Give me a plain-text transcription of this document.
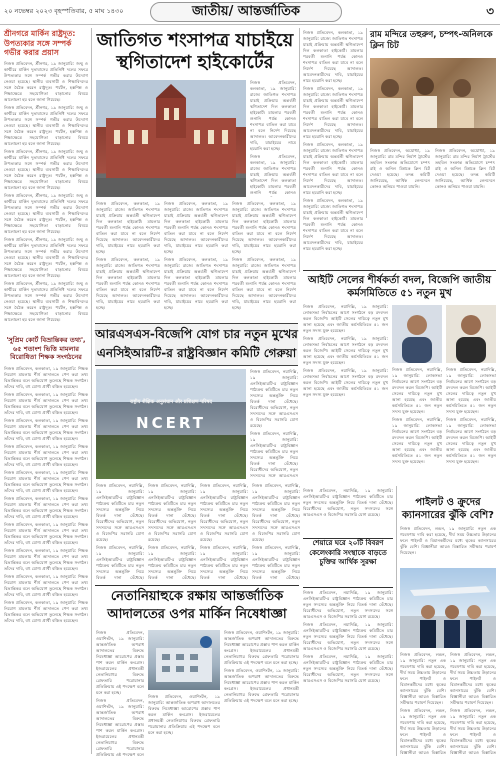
২০ নভেম্বর ২০২৩ বৃহস্পতিবার, ৫ মাঘ ১৪৩০	জাতীয়/ আন্তর্জাতিক	৩
শ্রীনগরে মার্কিন রাষ্ট্রদূত: উপত্যকার সঙ্গে সম্পর্ক গভীর করার প্রয়াস

নিজস্ব প্রতিবেদন, শ্রীনগর, ১৯ জানুয়ারি: জম্মু ও কাশ্মীরে মার্কিন দূতাবাসের প্রতিনিধি দলের সফরে উপত্যকার সঙ্গে সম্পর্ক গভীর করার উদ্যোগ নেওয়া হয়েছে। স্থানীয় ব্যবসায়ী ও শিক্ষাবিদদের সঙ্গে বৈঠক করেন রাষ্ট্রদূত। পর্যটন, হস্তশিল্প ও শিক্ষাক্ষেত্রে সহযোগিতা বাড়ানোর বিষয়ে আলোচনা হয় বলে জানা গিয়েছে।

নিজস্ব প্রতিবেদন, শ্রীনগর, ১৯ জানুয়ারি: জম্মু ও কাশ্মীরে মার্কিন দূতাবাসের প্রতিনিধি দলের সফরে উপত্যকার সঙ্গে সম্পর্ক গভীর করার উদ্যোগ নেওয়া হয়েছে। স্থানীয় ব্যবসায়ী ও শিক্ষাবিদদের সঙ্গে বৈঠক করেন রাষ্ট্রদূত। পর্যটন, হস্তশিল্প ও শিক্ষাক্ষেত্রে সহযোগিতা বাড়ানোর বিষয়ে আলোচনা হয় বলে জানা গিয়েছে।

নিজস্ব প্রতিবেদন, শ্রীনগর, ১৯ জানুয়ারি: জম্মু ও কাশ্মীরে মার্কিন দূতাবাসের প্রতিনিধি দলের সফরে উপত্যকার সঙ্গে সম্পর্ক গভীর করার উদ্যোগ নেওয়া হয়েছে। স্থানীয় ব্যবসায়ী ও শিক্ষাবিদদের সঙ্গে বৈঠক করেন রাষ্ট্রদূত। পর্যটন, হস্তশিল্প ও শিক্ষাক্ষেত্রে সহযোগিতা বাড়ানোর বিষয়ে আলোচনা হয় বলে জানা গিয়েছে।

নিজস্ব প্রতিবেদন, শ্রীনগর, ১৯ জানুয়ারি: জম্মু ও কাশ্মীরে মার্কিন দূতাবাসের প্রতিনিধি দলের সফরে উপত্যকার সঙ্গে সম্পর্ক গভীর করার উদ্যোগ নেওয়া হয়েছে। স্থানীয় ব্যবসায়ী ও শিক্ষাবিদদের সঙ্গে বৈঠক করেন রাষ্ট্রদূত। পর্যটন, হস্তশিল্প ও শিক্ষাক্ষেত্রে সহযোগিতা বাড়ানোর বিষয়ে আলোচনা হয় বলে জানা গিয়েছে।

নিজস্ব প্রতিবেদন, শ্রীনগর, ১৯ জানুয়ারি: জম্মু ও কাশ্মীরে মার্কিন দূতাবাসের প্রতিনিধি দলের সফরে উপত্যকার সঙ্গে সম্পর্ক গভীর করার উদ্যোগ নেওয়া হয়েছে। স্থানীয় ব্যবসায়ী ও শিক্ষাবিদদের সঙ্গে বৈঠক করেন রাষ্ট্রদূত। পর্যটন, হস্তশিল্প ও শিক্ষাক্ষেত্রে সহযোগিতা বাড়ানোর বিষয়ে আলোচনা হয় বলে জানা গিয়েছে।

নিজস্ব প্রতিবেদন, শ্রীনগর, ১৯ জানুয়ারি: জম্মু ও কাশ্মীরে মার্কিন দূতাবাসের প্রতিনিধি দলের সফরে উপত্যকার সঙ্গে সম্পর্ক গভীর করার উদ্যোগ নেওয়া হয়েছে। স্থানীয় ব্যবসায়ী ও শিক্ষাবিদদের সঙ্গে বৈঠক করেন রাষ্ট্রদূত। পর্যটন, হস্তশিল্প ও শিক্ষাক্ষেত্রে সহযোগিতা বাড়ানোর বিষয়ে আলোচনা হয় বলে জানা গিয়েছে।

'সুপ্রিম কোর্ট বিভ্রান্তিকর তথ্য', ৬৫ শতাংশ ভিত্তি মামলার বিরোধিতা শিক্ষক সংগঠনের

নিজস্ব প্রতিবেদন, কলকাতা, ১৯ জানুয়ারি: শিক্ষক নিয়োগ মামলায় শীর্ষ আদালতে পেশ করা তথ্য বিভ্রান্তিকর বলে অভিযোগ তুলেছে শিক্ষক সংগঠন। তাঁদের দাবি, বহু যোগ্য প্রার্থী বঞ্চিত হয়েছেন।

নিজস্ব প্রতিবেদন, কলকাতা, ১৯ জানুয়ারি: শিক্ষক নিয়োগ মামলায় শীর্ষ আদালতে পেশ করা তথ্য বিভ্রান্তিকর বলে অভিযোগ তুলেছে শিক্ষক সংগঠন। তাঁদের দাবি, বহু যোগ্য প্রার্থী বঞ্চিত হয়েছেন।

নিজস্ব প্রতিবেদন, কলকাতা, ১৯ জানুয়ারি: শিক্ষক নিয়োগ মামলায় শীর্ষ আদালতে পেশ করা তথ্য বিভ্রান্তিকর বলে অভিযোগ তুলেছে শিক্ষক সংগঠন। তাঁদের দাবি, বহু যোগ্য প্রার্থী বঞ্চিত হয়েছেন।

নিজস্ব প্রতিবেদন, কলকাতা, ১৯ জানুয়ারি: শিক্ষক নিয়োগ মামলায় শীর্ষ আদালতে পেশ করা তথ্য বিভ্রান্তিকর বলে অভিযোগ তুলেছে শিক্ষক সংগঠন। তাঁদের দাবি, বহু যোগ্য প্রার্থী বঞ্চিত হয়েছেন।

নিজস্ব প্রতিবেদন, কলকাতা, ১৯ জানুয়ারি: শিক্ষক নিয়োগ মামলায় শীর্ষ আদালতে পেশ করা তথ্য বিভ্রান্তিকর বলে অভিযোগ তুলেছে শিক্ষক সংগঠন। তাঁদের দাবি, বহু যোগ্য প্রার্থী বঞ্চিত হয়েছেন।

নিজস্ব প্রতিবেদন, কলকাতা, ১৯ জানুয়ারি: শিক্ষক নিয়োগ মামলায় শীর্ষ আদালতে পেশ করা তথ্য বিভ্রান্তিকর বলে অভিযোগ তুলেছে শিক্ষক সংগঠন। তাঁদের দাবি, বহু যোগ্য প্রার্থী বঞ্চিত হয়েছেন।

নিজস্ব প্রতিবেদন, কলকাতা, ১৯ জানুয়ারি: শিক্ষক নিয়োগ মামলায় শীর্ষ আদালতে পেশ করা তথ্য বিভ্রান্তিকর বলে অভিযোগ তুলেছে শিক্ষক সংগঠন। তাঁদের দাবি, বহু যোগ্য প্রার্থী বঞ্চিত হয়েছেন।

নিজস্ব প্রতিবেদন, কলকাতা, ১৯ জানুয়ারি: শিক্ষক নিয়োগ মামলায় শীর্ষ আদালতে পেশ করা তথ্য বিভ্রান্তিকর বলে অভিযোগ তুলেছে শিক্ষক সংগঠন। তাঁদের দাবি, বহু যোগ্য প্রার্থী বঞ্চিত হয়েছেন।

নিজস্ব প্রতিবেদন, কলকাতা, ১৯ জানুয়ারি: শিক্ষক নিয়োগ মামলায় শীর্ষ আদালতে পেশ করা তথ্য বিভ্রান্তিকর বলে অভিযোগ তুলেছে শিক্ষক সংগঠন। তাঁদের দাবি, বহু যোগ্য প্রার্থী বঞ্চিত হয়েছেন।

নিজস্ব প্রতিবেদন, কলকাতা, ১৯ জানুয়ারি: শিক্ষক নিয়োগ মামলায় শীর্ষ আদালতে পেশ করা তথ্য বিভ্রান্তিকর বলে অভিযোগ তুলেছে শিক্ষক সংগঠন। তাঁদের দাবি, বহু যোগ্য প্রার্থী বঞ্চিত হয়েছেন।

জাতিগত শংসাপত্র যাচাইয়ে স্থগিতাদেশ হাইকোর্টের

নিজস্ব প্রতিবেদন, কলকাতা, ১৯ জানুয়ারি: রাজ্যে জাতিগত শংসাপত্র যাচাই প্রক্রিয়ায় অন্তর্বর্তী স্থগিতাদেশ দিল কলকাতা হাইকোর্ট। মামলার পরবর্তী শুনানি পর্যন্ত কোনও শংসাপত্র বাতিল করা যাবে না বলে নির্দেশ দিয়েছে আদালত। আবেদনকারীদের দাবি, যাচাইয়ের নামে হয়রানি করা হচ্ছে।

নিজস্ব প্রতিবেদন, কলকাতা, ১৯ জানুয়ারি: রাজ্যে জাতিগত শংসাপত্র যাচাই প্রক্রিয়ায় অন্তর্বর্তী স্থগিতাদেশ দিল কলকাতা হাইকোর্ট। মামলার পরবর্তী শুনানি পর্যন্ত কোনও

নিজস্ব প্রতিবেদন, কলকাতা, ১৯ জানুয়ারি: রাজ্যে জাতিগত শংসাপত্র যাচাই প্রক্রিয়ায় অন্তর্বর্তী স্থগিতাদেশ দিল কলকাতা হাইকোর্ট। মামলার পরবর্তী শুনানি পর্যন্ত কোনও শংসাপত্র বাতিল করা যাবে না বলে নির্দেশ দিয়েছে আদালত। আবেদনকারীদের দাবি, যাচাইয়ের নামে হয়রানি করা হচ্ছে।

নিজস্ব প্রতিবেদন, কলকাতা, ১৯ জানুয়ারি: রাজ্যে জাতিগত শংসাপত্র যাচাই প্রক্রিয়ায় অন্তর্বর্তী স্থগিতাদেশ দিল কলকাতা হাইকোর্ট। মামলার পরবর্তী শুনানি পর্যন্ত কোনও শংসাপত্র বাতিল করা যাবে না বলে নির্দেশ দিয়েছে আদালত। আবেদনকারীদের দাবি, যাচাইয়ের নামে হয়রানি করা হচ্ছে।

নিজস্ব প্রতিবেদন, কলকাতা, ১৯ জানুয়ারি: রাজ্যে জাতিগত শংসাপত্র যাচাই প্রক্রিয়ায় অন্তর্বর্তী স্থগিতাদেশ দিল কলকাতা হাইকোর্ট। মামলার পরবর্তী শুনানি পর্যন্ত কোনও শংসাপত্র বাতিল করা যাবে না বলে নির্দেশ দিয়েছে আদালত। আবেদনকারীদের দাবি, যাচাইয়ের নামে হয়রানি করা হচ্ছে।

নিজস্ব প্রতিবেদন, কলকাতা, ১৯ জানুয়ারি: রাজ্যে জাতিগত শংসাপত্র যাচাই প্রক্রিয়ায় অন্তর্বর্তী স্থগিতাদেশ দিল কলকাতা হাইকোর্ট। মামলার পরবর্তী শুনানি পর্যন্ত কোনও শংসাপত্র বাতিল করা যাবে না বলে নির্দেশ দিয়েছে আদালত। আবেদনকারীদের দাবি, যাচাইয়ের নামে হয়রানি করা হচ্ছে।

নিজস্ব প্রতিবেদন, কলকাতা, ১৯ জানুয়ারি: রাজ্যে জাতিগত শংসাপত্র যাচাই প্রক্রিয়ায় অন্তর্বর্তী স্থগিতাদেশ দিল কলকাতা হাইকোর্ট। মামলার পরবর্তী শুনানি পর্যন্ত কোনও শংসাপত্র বাতিল করা যাবে না বলে নির্দেশ দিয়েছে আদালত। আবেদনকারীদের দাবি, যাচাইয়ের নামে হয়রানি করা হচ্ছে।

নিজস্ব প্রতিবেদন, কলকাতা, ১৯ জানুয়ারি: রাজ্যে জাতিগত শংসাপত্র যাচাই প্রক্রিয়ায় অন্তর্বর্তী স্থগিতাদেশ দিল কলকাতা হাইকোর্ট। মামলার পরবর্তী শুনানি পর্যন্ত কোনও শংসাপত্র বাতিল করা যাবে না বলে নির্দেশ দিয়েছে আদালত। আবেদনকারীদের দাবি, যাচাইয়ের নামে হয়রানি করা হচ্ছে।

নিজস্ব প্রতিবেদন, কলকাতা, ১৯ জানুয়ারি: রাজ্যে জাতিগত শংসাপত্র যাচাই প্রক্রিয়ায় অন্তর্বর্তী স্থগিতাদেশ দিল কলকাতা হাইকোর্ট। মামলার পরবর্তী শুনানি পর্যন্ত কোনও শংসাপত্র বাতিল করা যাবে না বলে নির্দেশ দিয়েছে আদালত। আবেদনকারীদের দাবি, যাচাইয়ের নামে হয়রানি করা হচ্ছে।

নিজস্ব প্রতিবেদন, কলকাতা, ১৯ জানুয়ারি: রাজ্যে জাতিগত শংসাপত্র যাচাই প্রক্রিয়ায় অন্তর্বর্তী স্থগিতাদেশ দিল কলকাতা হাইকোর্ট। মামলার পরবর্তী শুনানি পর্যন্ত কোনও শংসাপত্র বাতিল করা যাবে না বলে নির্দেশ দিয়েছে আদালত। আবেদনকারীদের দাবি, যাচাইয়ের নামে হয়রানি করা হচ্ছে।

নিজস্ব প্রতিবেদন, কলকাতা, ১৯ জানুয়ারি: রাজ্যে জাতিগত শংসাপত্র যাচাই প্রক্রিয়ায় অন্তর্বর্তী স্থগিতাদেশ দিল কলকাতা হাইকোর্ট। মামলার পরবর্তী শুনানি পর্যন্ত কোনও শংসাপত্র বাতিল করা যাবে না বলে নির্দেশ দিয়েছে আদালত। আবেদনকারীদের দাবি, যাচাইয়ের নামে হয়রানি করা হচ্ছে।

নিজস্ব প্রতিবেদন, কলকাতা, ১৯ জানুয়ারি: রাজ্যে জাতিগত শংসাপত্র যাচাই প্রক্রিয়ায় অন্তর্বর্তী স্থগিতাদেশ দিল কলকাতা হাইকোর্ট। মামলার পরবর্তী শুনানি পর্যন্ত কোনও শংসাপত্র বাতিল করা যাবে না বলে নির্দেশ দিয়েছে আদালত। আবেদনকারীদের দাবি, যাচাইয়ের নামে হয়রানি করা হচ্ছে।

রাম মন্দিরে তহুরুণ, চম্পৎ-অনিলকে ক্লিন চিট

নিজস্ব প্রতিবেদন, অযোধ্যা, ১৯ জানুয়ারি: রাম মন্দির নির্মাণ ট্রাস্টের তহবিল সংক্রান্ত অভিযোগে চম্পৎ রাই ও অনিল মিশ্রকে ক্লিন চিট দেওয়া হয়েছে। তদন্ত কমিটি জানিয়েছে, আর্থিক লেনদেনে কোনও অনিয়ম পাওয়া যায়নি।

নিজস্ব প্রতিবেদন, অযোধ্যা, ১৯ জানুয়ারি: রাম মন্দির নির্মাণ ট্রাস্টের তহবিল সংক্রান্ত অভিযোগে চম্পৎ রাই ও অনিল মিশ্রকে ক্লিন চিট দেওয়া হয়েছে। তদন্ত কমিটি জানিয়েছে, আর্থিক লেনদেনে কোনও অনিয়ম পাওয়া যায়নি।

আইটি সেলের শীর্ষকর্তা বদল, বিজেপি জাতীয় কর্মসমিতিতে ৫১ নতুন মুখ

নিজস্ব প্রতিবেদন, নয়াদিল্লি, ১৯ জানুয়ারি: লোকসভা নির্বাচনের আগে সংগঠনে বড় রদবদল করল বিজেপি। আইটি সেলের দায়িত্বে নতুন মুখ আনা হয়েছে এবং জাতীয় কর্মসমিতিতে ৫১ জন নতুন সদস্য যুক্ত হয়েছেন।

নিজস্ব প্রতিবেদন, নয়াদিল্লি, ১৯ জানুয়ারি: লোকসভা নির্বাচনের আগে সংগঠনে বড় রদবদল করল বিজেপি। আইটি সেলের দায়িত্বে নতুন মুখ আনা হয়েছে এবং জাতীয় কর্মসমিতিতে ৫১ জন নতুন সদস্য যুক্ত হয়েছেন।

নিজস্ব প্রতিবেদন, নয়াদিল্লি, ১৯ জানুয়ারি: লোকসভা নির্বাচনের আগে সংগঠনে বড় রদবদল করল বিজেপি। আইটি সেলের দায়িত্বে নতুন মুখ আনা হয়েছে এবং জাতীয় কর্মসমিতিতে ৫১ জন নতুন সদস্য যুক্ত হয়েছেন।

নিজস্ব প্রতিবেদন, নয়াদিল্লি, ১৯ জানুয়ারি: লোকসভা নির্বাচনের আগে সংগঠনে বড় রদবদল করল বিজেপি। আইটি সেলের দায়িত্বে নতুন মুখ আনা হয়েছে এবং জাতীয় কর্মসমিতিতে ৫১ জন নতুন সদস্য যুক্ত হয়েছেন।

নিজস্ব প্রতিবেদন, নয়াদিল্লি, ১৯ জানুয়ারি: লোকসভা নির্বাচনের আগে সংগঠনে বড় রদবদল করল বিজেপি। আইটি সেলের দায়িত্বে নতুন মুখ আনা হয়েছে এবং জাতীয় কর্মসমিতিতে ৫১ জন নতুন সদস্য যুক্ত হয়েছেন।

নিজস্ব প্রতিবেদন, নয়াদিল্লি, ১৯ জানুয়ারি: লোকসভা নির্বাচনের আগে সংগঠনে বড় রদবদল করল বিজেপি। আইটি সেলের দায়িত্বে নতুন মুখ আনা হয়েছে এবং জাতীয় কর্মসমিতিতে ৫১ জন নতুন সদস্য যুক্ত হয়েছেন।

নিজস্ব প্রতিবেদন, নয়াদিল্লি, ১৯ জানুয়ারি: লোকসভা নির্বাচনের আগে সংগঠনে বড় রদবদল করল বিজেপি। আইটি সেলের দায়িত্বে নতুন মুখ আনা হয়েছে এবং জাতীয় কর্মসমিতিতে ৫১ জন নতুন সদস্য যুক্ত হয়েছেন।

আরএসএস-বিজেপি যোগ চার নতুন মুখের এনসিইআরটি-র রাষ্ট্রবিজ্ঞান কমিটি গেরুয়া
राष्ट्रीय शैक्षिक अनुसंधान और प्रशिक्षण परिषद
NCERT

নিজস্ব প্রতিবেদন, নয়াদিল্লি, ১৯ জানুয়ারি: এনসিইআরটি-র রাষ্ট্রবিজ্ঞান পাঠ্যক্রম কমিটিতে চার নতুন সদস্যের অন্তর্ভুক্তি নিয়ে বিতর্ক দানা বেঁধেছে। বিরোধীদের অভিযোগ, নতুন সদস্যদের সঙ্গে আরএসএস ও বিজেপির সরাসরি যোগ রয়েছে।

নিজস্ব প্রতিবেদন, নয়াদিল্লি, ১৯ জানুয়ারি: এনসিইআরটি-র রাষ্ট্রবিজ্ঞান পাঠ্যক্রম কমিটিতে চার নতুন সদস্যের অন্তর্ভুক্তি নিয়ে বিতর্ক দানা বেঁধেছে। বিরোধীদের অভিযোগ, নতুন সদস্যদের সঙ্গে আরএসএস

নিজস্ব প্রতিবেদন, নয়াদিল্লি, ১৯ জানুয়ারি: এনসিইআরটি-র রাষ্ট্রবিজ্ঞান পাঠ্যক্রম কমিটিতে চার নতুন সদস্যের অন্তর্ভুক্তি নিয়ে বিতর্ক দানা বেঁধেছে। বিরোধীদের অভিযোগ, নতুন সদস্যদের সঙ্গে আরএসএস ও বিজেপির সরাসরি যোগ রয়েছে।

নিজস্ব প্রতিবেদন, নয়াদিল্লি, ১৯ জানুয়ারি: এনসিইআরটি-র রাষ্ট্রবিজ্ঞান পাঠ্যক্রম কমিটিতে চার নতুন সদস্যের অন্তর্ভুক্তি নিয়ে বিতর্ক দানা বেঁধেছে।

নিজস্ব প্রতিবেদন, নয়াদিল্লি, ১৯ জানুয়ারি: এনসিইআরটি-র রাষ্ট্রবিজ্ঞান পাঠ্যক্রম কমিটিতে চার নতুন সদস্যের অন্তর্ভুক্তি নিয়ে বিতর্ক দানা বেঁধেছে। বিরোধীদের অভিযোগ, নতুন সদস্যদের সঙ্গে আরএসএস ও বিজেপির সরাসরি যোগ রয়েছে।

নিজস্ব প্রতিবেদন, নয়াদিল্লি, ১৯ জানুয়ারি: এনসিইআরটি-র রাষ্ট্রবিজ্ঞান পাঠ্যক্রম কমিটিতে চার নতুন সদস্যের অন্তর্ভুক্তি নিয়ে বিতর্ক দানা বেঁধেছে।

নিজস্ব প্রতিবেদন, নয়াদিল্লি, ১৯ জানুয়ারি: এনসিইআরটি-র রাষ্ট্রবিজ্ঞান পাঠ্যক্রম কমিটিতে চার নতুন সদস্যের অন্তর্ভুক্তি নিয়ে বিতর্ক দানা বেঁধেছে। বিরোধীদের অভিযোগ, নতুন সদস্যদের সঙ্গে আরএসএস ও বিজেপির সরাসরি যোগ রয়েছে।

নিজস্ব প্রতিবেদন, নয়াদিল্লি, ১৯ জানুয়ারি: এনসিইআরটি-র রাষ্ট্রবিজ্ঞান পাঠ্যক্রম কমিটিতে চার নতুন সদস্যের অন্তর্ভুক্তি নিয়ে বিতর্ক দানা বেঁধেছে।

নিজস্ব প্রতিবেদন, নয়াদিল্লি, ১৯ জানুয়ারি: এনসিইআরটি-র রাষ্ট্রবিজ্ঞান পাঠ্যক্রম কমিটিতে চার নতুন সদস্যের অন্তর্ভুক্তি নিয়ে বিতর্ক দানা বেঁধেছে। বিরোধীদের অভিযোগ, নতুন সদস্যদের সঙ্গে আরএসএস ও বিজেপির সরাসরি যোগ রয়েছে।

নিজস্ব প্রতিবেদন, নয়াদিল্লি, ১৯ জানুয়ারি: এনসিইআরটি-র রাষ্ট্রবিজ্ঞান পাঠ্যক্রম কমিটিতে চার নতুন সদস্যের অন্তর্ভুক্তি নিয়ে বিতর্ক দানা বেঁধেছে।

নিজস্ব প্রতিবেদন, নয়াদিল্লি, ১৯ জানুয়ারি: এনসিইআরটি-র রাষ্ট্রবিজ্ঞান পাঠ্যক্রম কমিটিতে চার নতুন সদস্যের অন্তর্ভুক্তি নিয়ে বিতর্ক দানা বেঁধেছে। বিরোধীদের অভিযোগ, নতুন সদস্যদের সঙ্গে আরএসএস ও বিজেপির সরাসরি যোগ রয়েছে।

শেয়ারে ঘরে ২০টি বিবরণ কেলেংকারি সংস্থাকে বাড়তে চুক্তির আর্থিক সুরক্ষা

নিজস্ব প্রতিবেদন, নয়াদিল্লি, ১৯ জানুয়ারি: এনসিইআরটি-র রাষ্ট্রবিজ্ঞান পাঠ্যক্রম কমিটিতে চার নতুন সদস্যের অন্তর্ভুক্তি নিয়ে বিতর্ক দানা বেঁধেছে। বিরোধীদের অভিযোগ, নতুন সদস্যদের সঙ্গে আরএসএস ও বিজেপির সরাসরি যোগ রয়েছে।

নিজস্ব প্রতিবেদন, নয়াদিল্লি, ১৯ জানুয়ারি: এনসিইআরটি-র রাষ্ট্রবিজ্ঞান পাঠ্যক্রম কমিটিতে চার নতুন সদস্যের অন্তর্ভুক্তি নিয়ে বিতর্ক দানা বেঁধেছে। বিরোধীদের অভিযোগ, নতুন সদস্যদের সঙ্গে আরএসএস ও বিজেপির সরাসরি যোগ রয়েছে।

নিজস্ব প্রতিবেদন, নয়াদিল্লি, ১৯ জানুয়ারি: এনসিইআরটি-র রাষ্ট্রবিজ্ঞান পাঠ্যক্রম কমিটিতে চার নতুন সদস্যের অন্তর্ভুক্তি নিয়ে বিতর্ক দানা বেঁধেছে। বিরোধীদের অভিযোগ, নতুন সদস্যদের সঙ্গে আরএসএস ও বিজেপির সরাসরি যোগ রয়েছে।

পাইলট ও ক্রুদের ক্যানসারের ঝুঁকি বেশি?

নিজস্ব প্রতিবেদন, লন্ডন, ১৯ জানুয়ারি: নতুন এক গবেষণায় দাবি করা হয়েছে, দীর্ঘ সময় উচ্চতায় উড়ানের ফলে পাইলট ও বিমানকর্মীদের মধ্যে ত্বকের ক্যানসারের ঝুঁকি বেশি। বিজ্ঞানীরা আরও বিস্তারিত সমীক্ষার পরামর্শ দিয়েছেন।

নিজস্ব প্রতিবেদন, লন্ডন, ১৯ জানুয়ারি: নতুন এক গবেষণায় দাবি করা হয়েছে, দীর্ঘ সময় উচ্চতায় উড়ানের ফলে পাইলট ও বিমানকর্মীদের মধ্যে ত্বকের ক্যানসারের ঝুঁকি বেশি। বিজ্ঞানীরা আরও বিস্তারিত সমীক্ষার পরামর্শ দিয়েছেন।

নিজস্ব প্রতিবেদন, লন্ডন, ১৯ জানুয়ারি: নতুন এক গবেষণায় দাবি করা হয়েছে, দীর্ঘ সময় উচ্চতায় উড়ানের ফলে পাইলট ও বিমানকর্মীদের মধ্যে ত্বকের ক্যানসারের ঝুঁকি বেশি। বিজ্ঞানীরা আরও বিস্তারিত

নিজস্ব প্রতিবেদন, লন্ডন, ১৯ জানুয়ারি: নতুন এক গবেষণায় দাবি করা হয়েছে, দীর্ঘ সময় উচ্চতায় উড়ানের ফলে পাইলট ও বিমানকর্মীদের মধ্যে ত্বকের ক্যানসারের ঝুঁকি বেশি। বিজ্ঞানীরা আরও বিস্তারিত সমীক্ষার পরামর্শ দিয়েছেন।

নিজস্ব প্রতিবেদন, লন্ডন, ১৯ জানুয়ারি: নতুন এক গবেষণায় দাবি করা হয়েছে, দীর্ঘ সময় উচ্চতায় উড়ানের ফলে পাইলট ও বিমানকর্মীদের মধ্যে ত্বকের ক্যানসারের ঝুঁকি বেশি। বিজ্ঞানীরা আরও বিস্তারিত

নেতানিয়াহুকে রক্ষায় আন্তর্জাতিক আদালতের ওপর মার্কিন নিষেধাজ্ঞা

নিজস্ব প্রতিবেদন, ওয়াশিংটন, ১৯ জানুয়ারি: আন্তর্জাতিক অপরাধ আদালতের বিরুদ্ধে নিষেধাজ্ঞা আরোপের প্রস্তাব পাশ করল মার্কিন কংগ্রেস। ইজরায়েলের প্রধানমন্ত্রী নেতানিয়াহুর বিরুদ্ধে গ্রেফতারি পরোয়ানার প্রতিক্রিয়ায় এই পদক্ষেপ বলে মনে করা হচ্ছে।

নিজস্ব প্রতিবেদন, ওয়াশিংটন, ১৯ জানুয়ারি: আন্তর্জাতিক অপরাধ আদালতের বিরুদ্ধে নিষেধাজ্ঞা আরোপের প্রস্তাব পাশ করল মার্কিন কংগ্রেস। ইজরায়েলের প্রধানমন্ত্রী নেতানিয়াহুর বিরুদ্ধে গ্রেফতারি পরোয়ানার প্রতিক্রিয়ায় এই পদক্ষেপ বলে

নিজস্ব প্রতিবেদন, ওয়াশিংটন, ১৯ জানুয়ারি: আন্তর্জাতিক অপরাধ আদালতের বিরুদ্ধে নিষেধাজ্ঞা আরোপের প্রস্তাব পাশ করল মার্কিন কংগ্রেস। ইজরায়েলের প্রধানমন্ত্রী নেতানিয়াহুর বিরুদ্ধে গ্রেফতারি পরোয়ানার প্রতিক্রিয়ায় এই পদক্ষেপ বলে মনে করা হচ্ছে।

নিজস্ব প্রতিবেদন, ওয়াশিংটন, ১৯ জানুয়ারি: আন্তর্জাতিক অপরাধ আদালতের বিরুদ্ধে নিষেধাজ্ঞা আরোপের প্রস্তাব পাশ করল মার্কিন কংগ্রেস। ইজরায়েলের প্রধানমন্ত্রী নেতানিয়াহুর বিরুদ্ধে গ্রেফতারি পরোয়ানার প্রতিক্রিয়ায় এই পদক্ষেপ বলে মনে করা হচ্ছে।

নিজস্ব প্রতিবেদন, ওয়াশিংটন, ১৯ জানুয়ারি: আন্তর্জাতিক অপরাধ আদালতের বিরুদ্ধে নিষেধাজ্ঞা আরোপের প্রস্তাব পাশ করল মার্কিন কংগ্রেস। ইজরায়েলের প্রধানমন্ত্রী নেতানিয়াহুর বিরুদ্ধে গ্রেফতারি পরোয়ানার প্রতিক্রিয়ায় এই পদক্ষেপ বলে মনে করা হচ্ছে।
